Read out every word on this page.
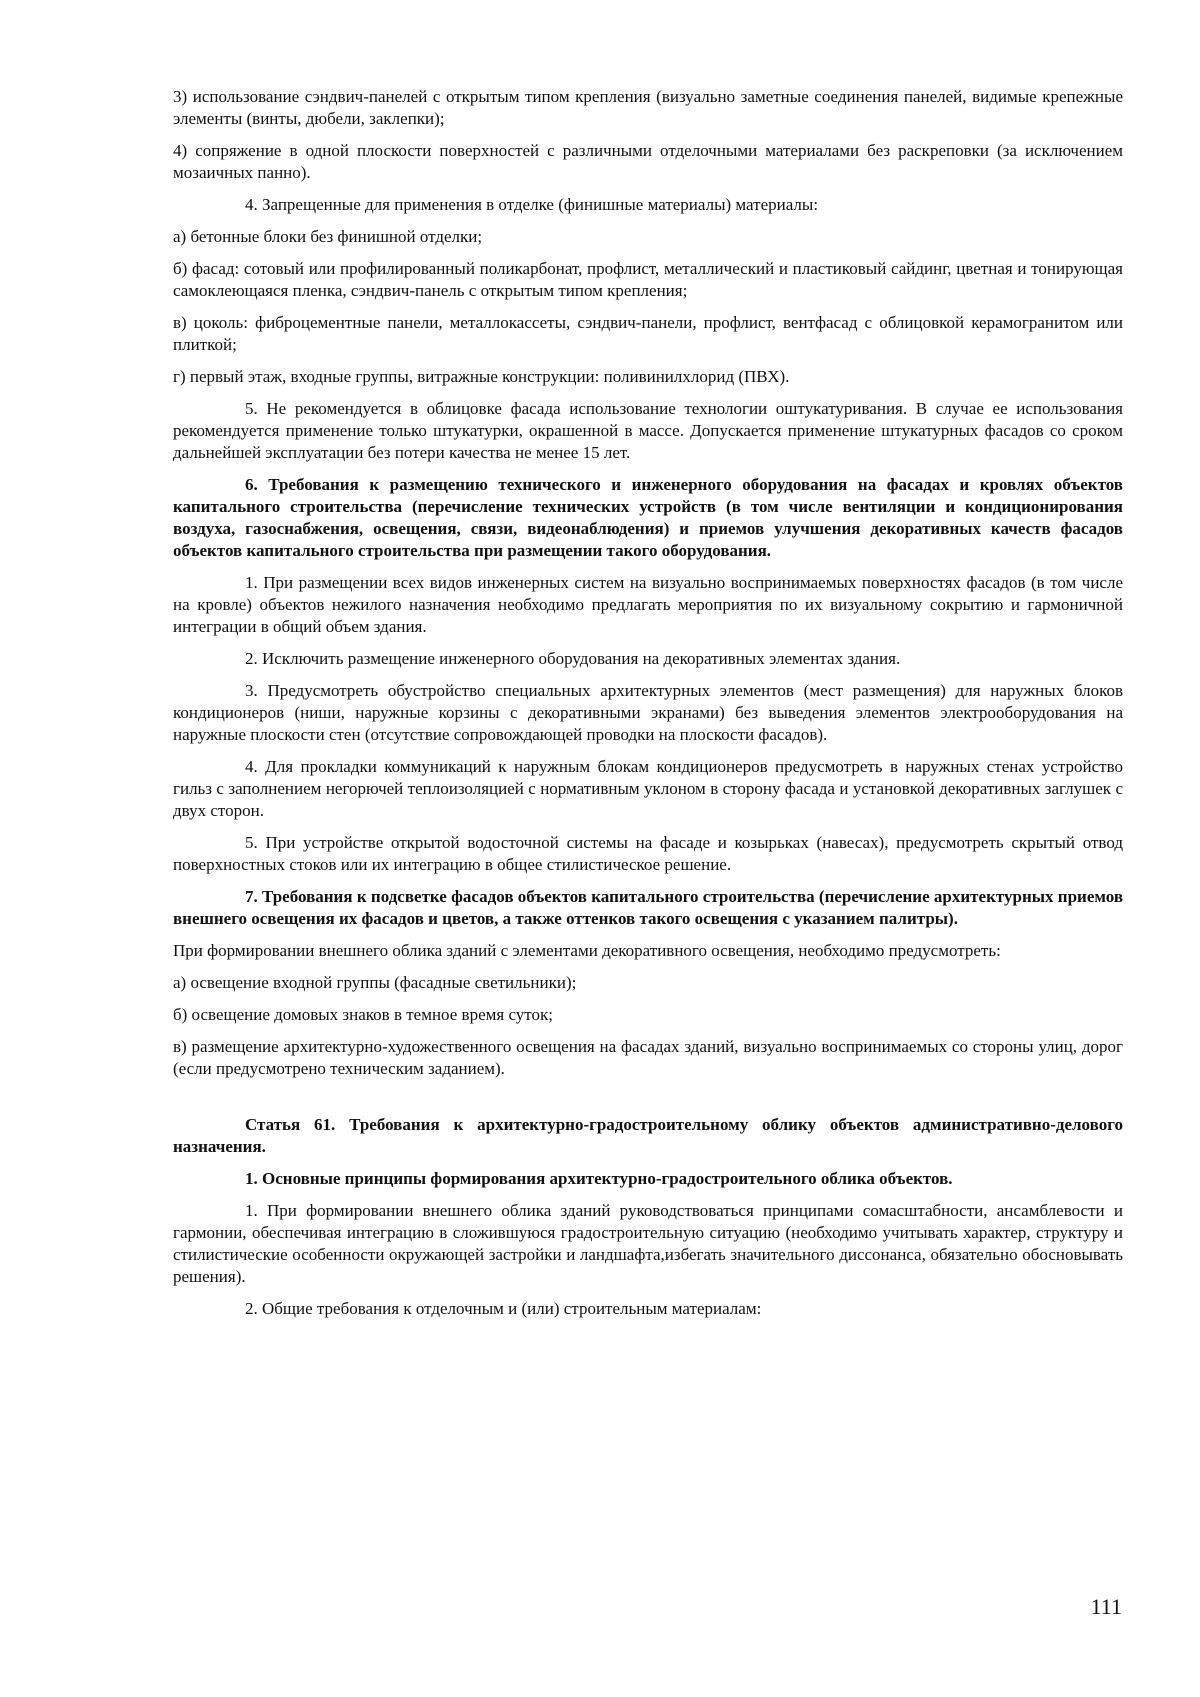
3) использование сэндвич-панелей с открытым типом крепления (визуально заметные соединения панелей, видимые крепежные элементы (винты, дюбели, заклепки);

4) сопряжение в одной плоскости поверхностей с различными отделочными материалами без раскреповки (за исключением мозаичных панно).

4. Запрещенные для применения в отделке (финишные материалы) материалы:

а) бетонные блоки без финишной отделки;

б) фасад: сотовый или профилированный поликарбонат, профлист, металлический и пластиковый сайдинг, цветная и тонирующая самоклеющаяся пленка, сэндвич-панель с открытым типом крепления;

в) цоколь: фиброцементные панели, металлокассеты, сэндвич-панели, профлист, вентфасад с облицовкой керамогранитом или плиткой;

г) первый этаж, входные группы, витражные конструкции: поливинилхлорид (ПВХ).

5. Не рекомендуется в облицовке фасада использование технологии оштукатуривания. В случае ее использования рекомендуется применение только штукатурки, окрашенной в массе. Допускается применение штукатурных фасадов со сроком дальнейшей эксплуатации без потери качества не менее 15 лет.

6. Требования к размещению технического и инженерного оборудования на фасадах и кровлях объектов капитального строительства (перечисление технических устройств (в том числе вентиляции и кондиционирования воздуха, газоснабжения, освещения, связи, видеонаблюдения) и приемов улучшения декоративных качеств фасадов объектов капитального строительства при размещении такого оборудования.

1. При размещении всех видов инженерных систем на визуально воспринимаемых поверхностях фасадов (в том числе на кровле) объектов нежилого назначения необходимо предлагать мероприятия по их визуальному сокрытию и гармоничной интеграции в общий объем здания.

2. Исключить размещение инженерного оборудования на декоративных элементах здания.

3. Предусмотреть обустройство специальных архитектурных элементов (мест размещения) для наружных блоков кондиционеров (ниши, наружные корзины с декоративными экранами) без выведения элементов электрооборудования на наружные плоскости стен (отсутствие сопровождающей проводки на плоскости фасадов).

4. Для прокладки коммуникаций к наружным блокам кондиционеров предусмотреть в наружных стенах устройство гильз с заполнением негорючей теплоизоляцией с нормативным уклоном в сторону фасада и установкой декоративных заглушек с двух сторон.

5. При устройстве открытой водосточной системы на фасаде и козырьках (навесах), предусмотреть скрытый отвод поверхностных стоков или их интеграцию в общее стилистическое решение.

7. Требования к подсветке фасадов объектов капитального строительства (перечисление архитектурных приемов внешнего освещения их фасадов и цветов, а также оттенков такого освещения с указанием палитры).

При формировании внешнего облика зданий с элементами декоративного освещения, необходимо предусмотреть:

а) освещение входной группы (фасадные светильники);

б) освещение домовых знаков в темное время суток;

в) размещение архитектурно-художественного освещения на фасадах зданий, визуально воспринимаемых со стороны улиц, дорог (если предусмотрено техническим заданием).

Статья 61. Требования к архитектурно-градостроительному облику объектов административно-делового назначения.

1. Основные принципы формирования архитектурно-градостроительного облика объектов.

1. При формировании внешнего облика зданий руководствоваться принципами сомасштабности, ансамблевости и гармонии, обеспечивая интеграцию в сложившуюся градостроительную ситуацию (необходимо учитывать характер, структуру и стилистические особенности окружающей застройки и ландшафта,избегать значительного диссонанса, обязательно обосновывать решения).

2. Общие требования к отделочным и (или) строительным материалам:

111
